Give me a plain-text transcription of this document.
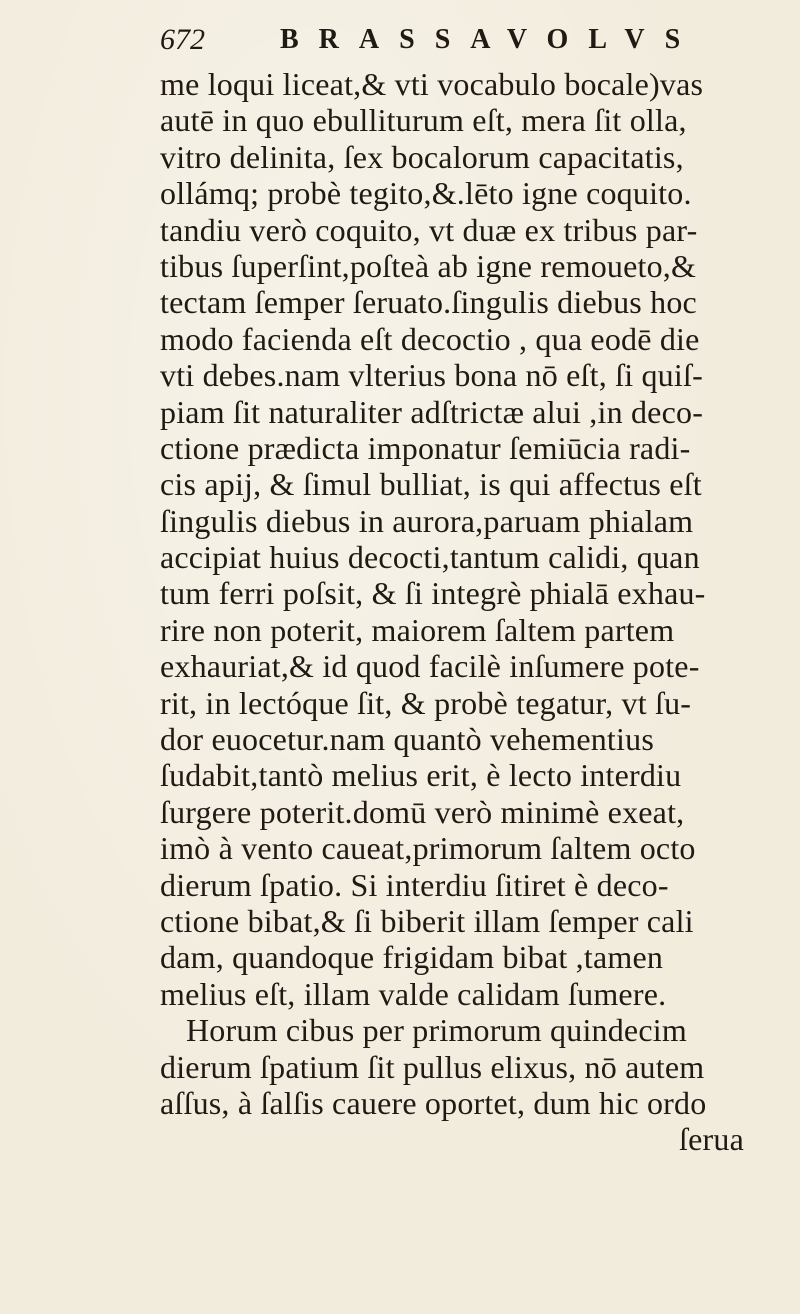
672	BRASSAVOLVS
me loqui liceat,& vti vocabulo bocale)vas
autē in quo ebulliturum eſt, mera ſit olla,
vitro delinita, ſex bocalorum capacitatis,
ollámq; probè tegito,&.lēto igne coquito.
tandiu verò coquito, vt duæ ex tribus par-
tibus ſuperſint,poſteà ab igne remoueto,&
tectam ſemper ſeruato.ſingulis diebus hoc
modo facienda eſt decoctio , qua eodē die
vti debes.nam vlterius bona nō eſt, ſi quiſ-
piam ſit naturaliter adſtrictæ alui ,in deco-
ctione prædicta imponatur ſemiūcia radi-
cis apij, & ſimul bulliat, is qui affectus eſt
ſingulis diebus in aurora,paruam phialam
accipiat huius decocti,tantum calidi, quan
tum ferri poſsit, & ſi integrè phialā exhau-
rire non poterit, maiorem ſaltem partem
exhauriat,& id quod facilè inſumere pote-
rit, in lectóque ſit, & probè tegatur, vt ſu-
dor euocetur.nam quantò vehementius
ſudabit,tantò melius erit, è lecto interdiu
ſurgere poterit.domū verò minimè exeat,
imò à vento caueat,primorum ſaltem octo
dierum ſpatio. Si interdiu ſitiret è deco-
ctione bibat,& ſi biberit illam ſemper cali
dam, quandoque frigidam bibat ,tamen
melius eſt, illam valde calidam ſumere.
Horum cibus per primorum quindecim
dierum ſpatium ſit pullus elixus, nō autem
aſſus, à ſalſis cauere oportet, dum hic ordo
ſerua
